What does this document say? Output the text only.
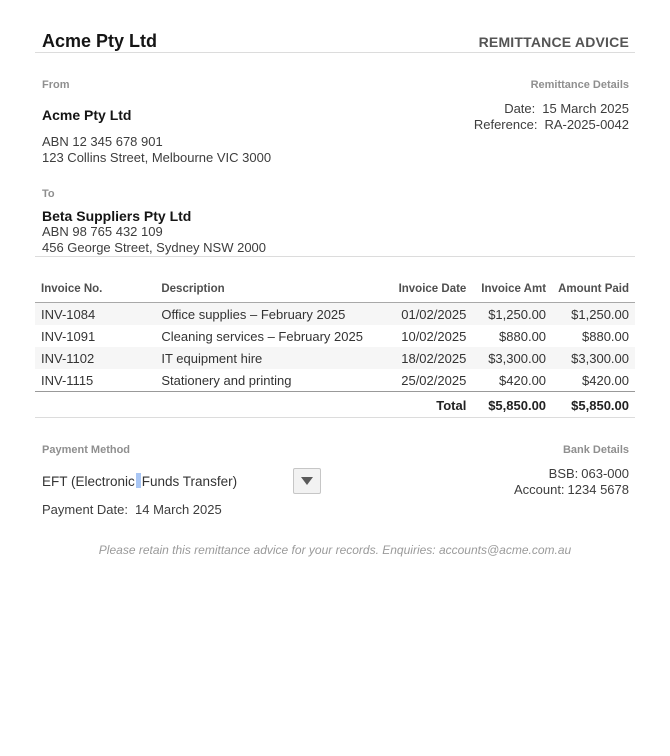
Acme Pty Ltd	REMITTANCE ADVICE
From
Acme Pty Ltd
ABN 12 345 678 901
123 Collins Street, Melbourne VIC 3000
Remittance Details
Date: 15 March 2025
Reference: RA-2025-0042
To
Beta Suppliers Pty Ltd
ABN 98 765 432 109
456 George Street, Sydney NSW 2000
Invoice No.	Description	Invoice Date	Invoice Amt	Amount Paid
INV-1084	Office supplies – February 2025	01/02/2025	$1,250.00	$1,250.00
INV-1091	Cleaning services – February 2025	10/02/2025	$880.00	$880.00
INV-1102	IT equipment hire	18/02/2025	$3,300.00	$3,300.00
INV-1115	Stationery and printing	25/02/2025	$420.00	$420.00
		Total	$5,850.00	$5,850.00
Payment Method
EFT (Electronic Funds Transfer)
Payment Date: 14 March 2025
Bank Details
BSB: 063-000
Account: 1234 5678
Please retain this remittance advice for your records. Enquiries: accounts@acme.com.au
